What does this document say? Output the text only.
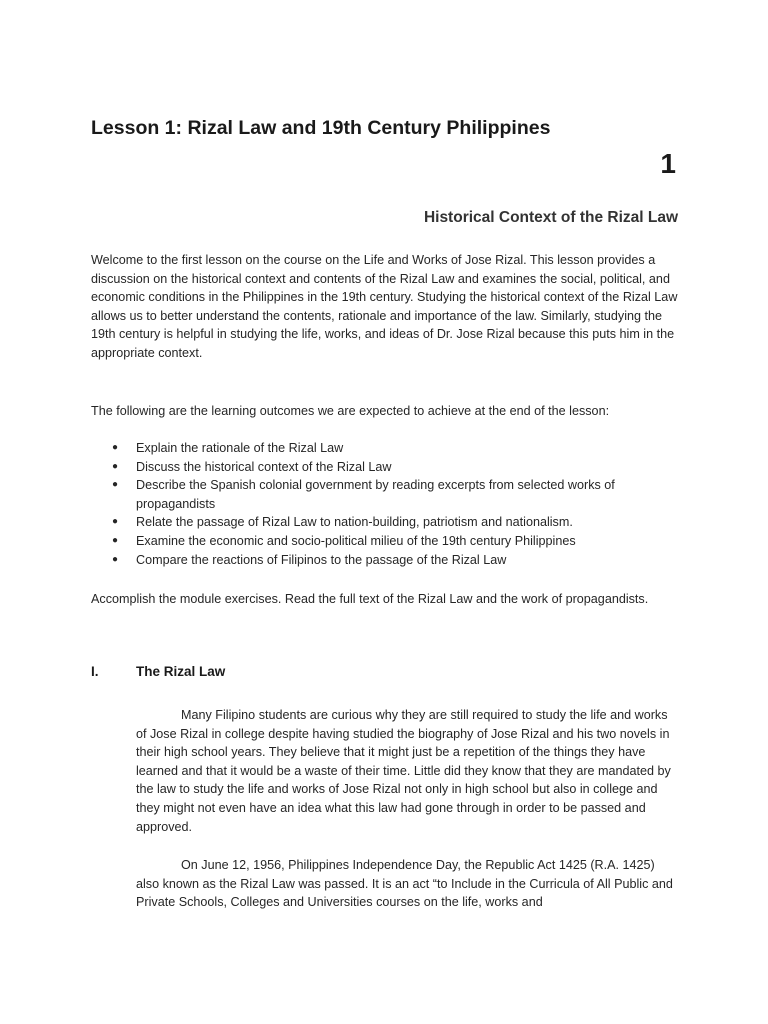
Lesson 1: Rizal Law and 19th Century Philippines
1
Historical Context of the Rizal Law

Welcome to the first lesson on the course on the Life and Works of Jose Rizal. This lesson provides a discussion on the historical context and contents of the Rizal Law and examines the social, political, and economic conditions in the Philippines in the 19th century. Studying the historical context of the Rizal Law allows us to better understand the contents, rationale and importance of the law. Similarly, studying the 19th century is helpful in studying the life, works, and ideas of Dr. Jose Rizal because this puts him in the appropriate context.

The following are the learning outcomes we are expected to achieve at the end of the lesson:

● Explain the rationale of the Rizal Law
● Discuss the historical context of the Rizal Law
● Describe the Spanish colonial government by reading excerpts from selected works of propagandists
● Relate the passage of Rizal Law to nation-building, patriotism and nationalism.
● Examine the economic and socio-political milieu of the 19th century Philippines
● Compare the reactions of Filipinos to the passage of the Rizal Law

Accomplish the module exercises. Read the full text of the Rizal Law and the work of propagandists.

I.	The Rizal Law

Many Filipino students are curious why they are still required to study the life and works of Jose Rizal in college despite having studied the biography of Jose Rizal and his two novels in their high school years. They believe that it might just be a repetition of the things they have learned and that it would be a waste of their time. Little did they know that they are mandated by the law to study the life and works of Jose Rizal not only in high school but also in college and they might not even have an idea what this law had gone through in order to be passed and approved.

On June 12, 1956, Philippines Independence Day, the Republic Act 1425 (R.A. 1425) also known as the Rizal Law was passed. It is an act “to Include in the Curricula of All Public and Private Schools, Colleges and Universities courses on the life, works and
